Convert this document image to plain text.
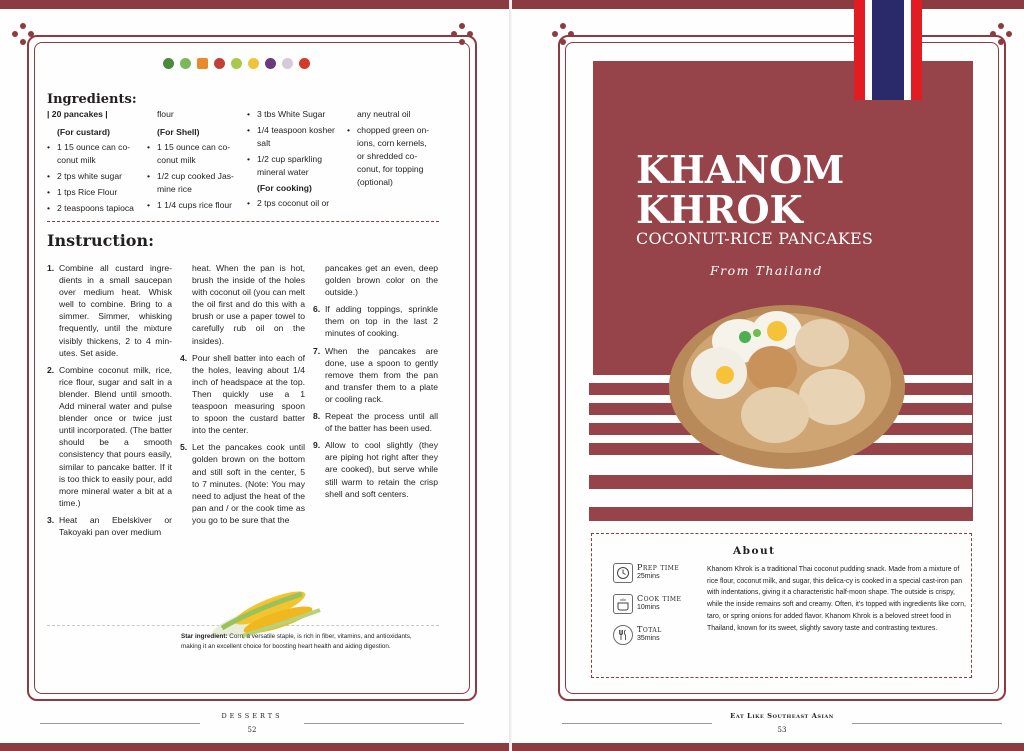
Ingredients:
| 20 pancakes |
(For custard)
• 1 15 ounce can co-conut milk
• 2 tps white sugar
• 1 tps Rice Flour
• 2 teaspoons tapioca
flour
(For Shell)
• 1 15 ounce can co-conut milk
• 1/2 cup cooked Jas-mine rice
• 1 1/4 cups rice flour
• 3 tbs White Sugar
• 1/4 teaspoon kosher salt
• 1/2 cup sparkling mineral water
(For cooking)
• 2 tps coconut oil or
any neutral oil
• chopped green on-ions, corn kernels, or shredded co-conut, for topping (optional)
Instruction:
1. Combine all custard ingre-dients in a small saucepan over medium heat. Whisk well to combine. Bring to a simmer. Simmer, whisking frequently, until the mixture visibly thickens, 2 to 4 min-utes. Set aside.
2. Combine coconut milk, rice, rice flour, sugar and salt in a blender. Blend until smooth. Add mineral water and pulse blender once or twice just until incorporated. (The batter should be a smooth consistency that pours easily, similar to pancake batter. If it is too thick to easily pour, add more mineral water a bit at a time.)
3. Heat an Ebelskiver or Takoyaki pan over medium
heat. When the pan is hot, brush the inside of the holes with coconut oil (you can melt the oil first and do this with a brush or use a paper towel to carefully rub oil on the insides).
4. Pour shell batter into each of the holes, leaving about 1/4 inch of headspace at the top. Then quickly use a 1 teaspoon measuring spoon to spoon the custard batter into the center.
5. Let the pancakes cook until golden brown on the bottom and still soft in the center, 5 to 7 minutes. (Note: You may need to adjust the heat of the pan and / or the cook time as you go to be sure that the
pancakes get an even, deep golden brown color on the outside.)
6. If adding toppings, sprinkle them on top in the last 2 minutes of cooking.
7. When the pancakes are done, use a spoon to gently remove them from the pan and transfer them to a plate or cooling rack.
8. Repeat the process until all of the batter has been used.
9. Allow to cool slightly (they are piping hot right after they are cooked), but serve while still warm to retain the crisp shell and soft centers.
Star ingredient: Corn, a versatile staple, is rich in fiber, vitamins, and antioxidants, making it an excellent choice for boosting heart health and aiding digestion.
DESSERTS
52
KHANOM
KHROK
COCONUT-RICE PANCAKES
From Thailand
About
Khanom Khrok is a traditional Thai coconut pudding snack. Made from a mixture of rice flour, coconut milk, and sugar, this delica-cy is cooked in a special cast-iron pan with indentations, giving it a characteristic half-moon shape. The outside is crispy, while the inside remains soft and creamy. Often, it's topped with ingredients like corn, taro, or spring onions for added flavor. Khanom Khrok is a beloved street food in Thailand, known for its sweet, slightly savory taste and contrasting textures.
Prep time
25mins
Cook time
10mins
Total
35mins
Eat Like Southeast Asian
53
